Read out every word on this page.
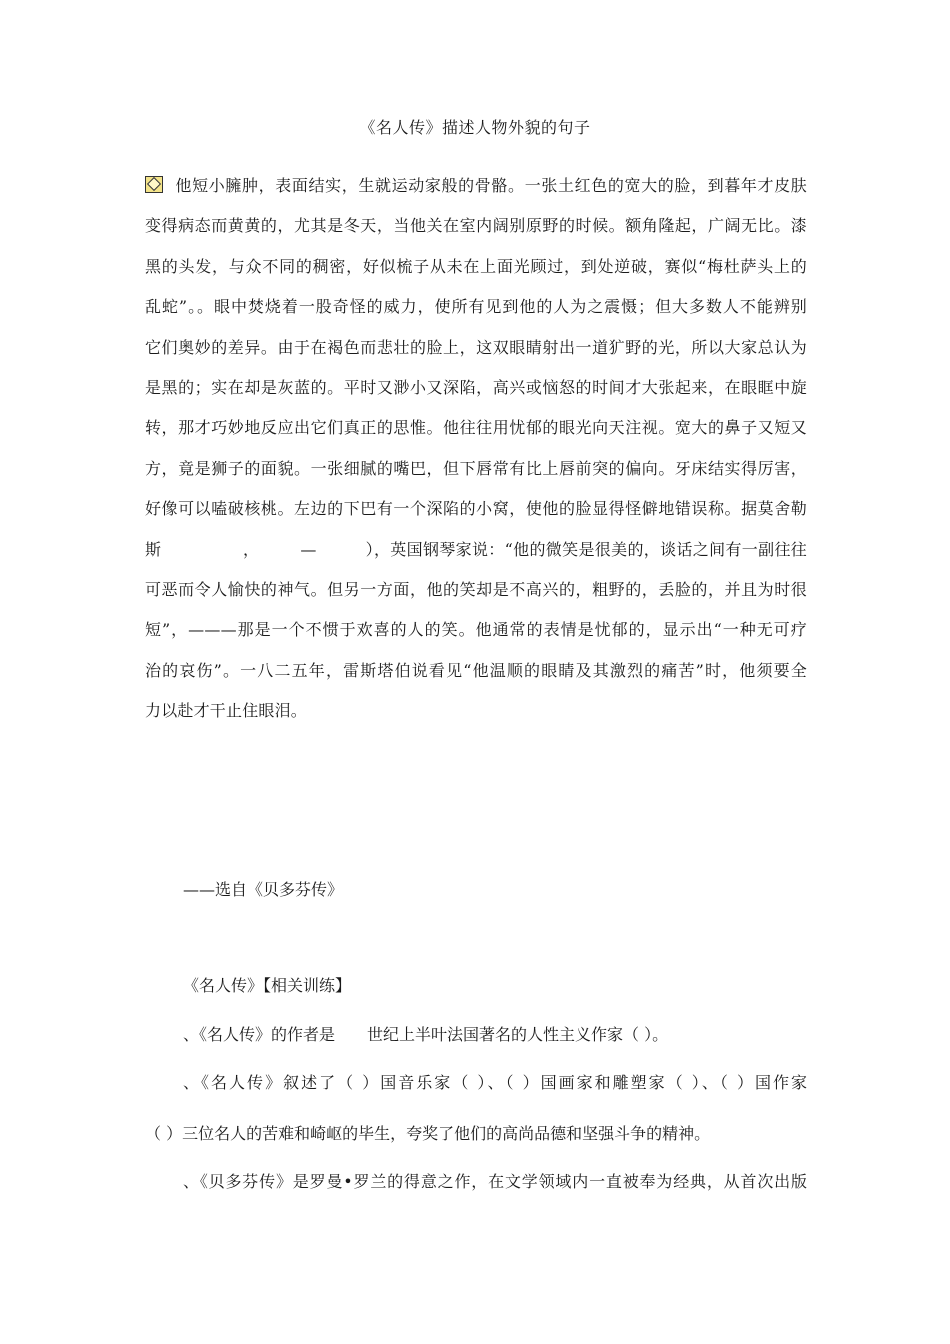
《名人传》描述人物外貌的句子
他短小臃肿，表面结实，生就运动家般的骨骼。一张土红色的宽大的脸，到暮年才皮肤
变得病态而黄黄的，尤其是冬天，当他关在室内阔别原野的时候。额角隆起，广阔无比。漆
黑的头发，与众不同的稠密，好似梳子从未在上面光顾过，到处逆破，赛似“梅杜萨头上的
乱蛇”。。眼中焚烧着一股奇怪的威力，使所有见到他的人为之震慑；但大多数人不能辨别
它们奥妙的差异。由于在褐色而悲壮的脸上，这双眼睛射出一道犷野的光，所以大家总认为
是黑的；实在却是灰蓝的。平时又渺小又深陷，高兴或恼怒的时间才大张起来，在眼眶中旋
转，那才巧妙地反应出它们真正的思惟。他往往用忧郁的眼光向天注视。宽大的鼻子又短又
方，竟是狮子的面貌。一张细腻的嘴巴，但下唇常有比上唇前突的偏向。牙床结实得厉害，
好像可以嗑破核桃。左边的下巴有一个深陷的小窝，使他的脸显得怪僻地错误称。据莫舍勒
斯　　　　　，　　　—　　　），英国钢琴家说：“他的微笑是很美的，谈话之间有一副往往
可恶而令人愉快的神气。但另一方面，他的笑却是不高兴的，粗野的，丢脸的，并且为时很
短”，———那是一个不惯于欢喜的人的笑。他通常的表情是忧郁的，显示出“一种无可疗
治的哀伤”。一八二五年，雷斯塔伯说看见“他温顺的眼睛及其激烈的痛苦”时，他须要全
力以赴才干止住眼泪。
——选自《贝多芬传》
《名人传》【相关训练】
、《名人传》的作者是　　世纪上半叶法国著名的人性主义作家（ ）。
、《名人传》叙述了（ ）国音乐家（ ）、（ ）国画家和雕塑家（ ）、（ ）国作家
（ ）三位名人的苦难和崎岖的毕生，夸奖了他们的高尚品德和坚强斗争的精神。
、《贝多芬传》是罗曼•罗兰的得意之作，在文学领域内一直被奉为经典，从首次出版
